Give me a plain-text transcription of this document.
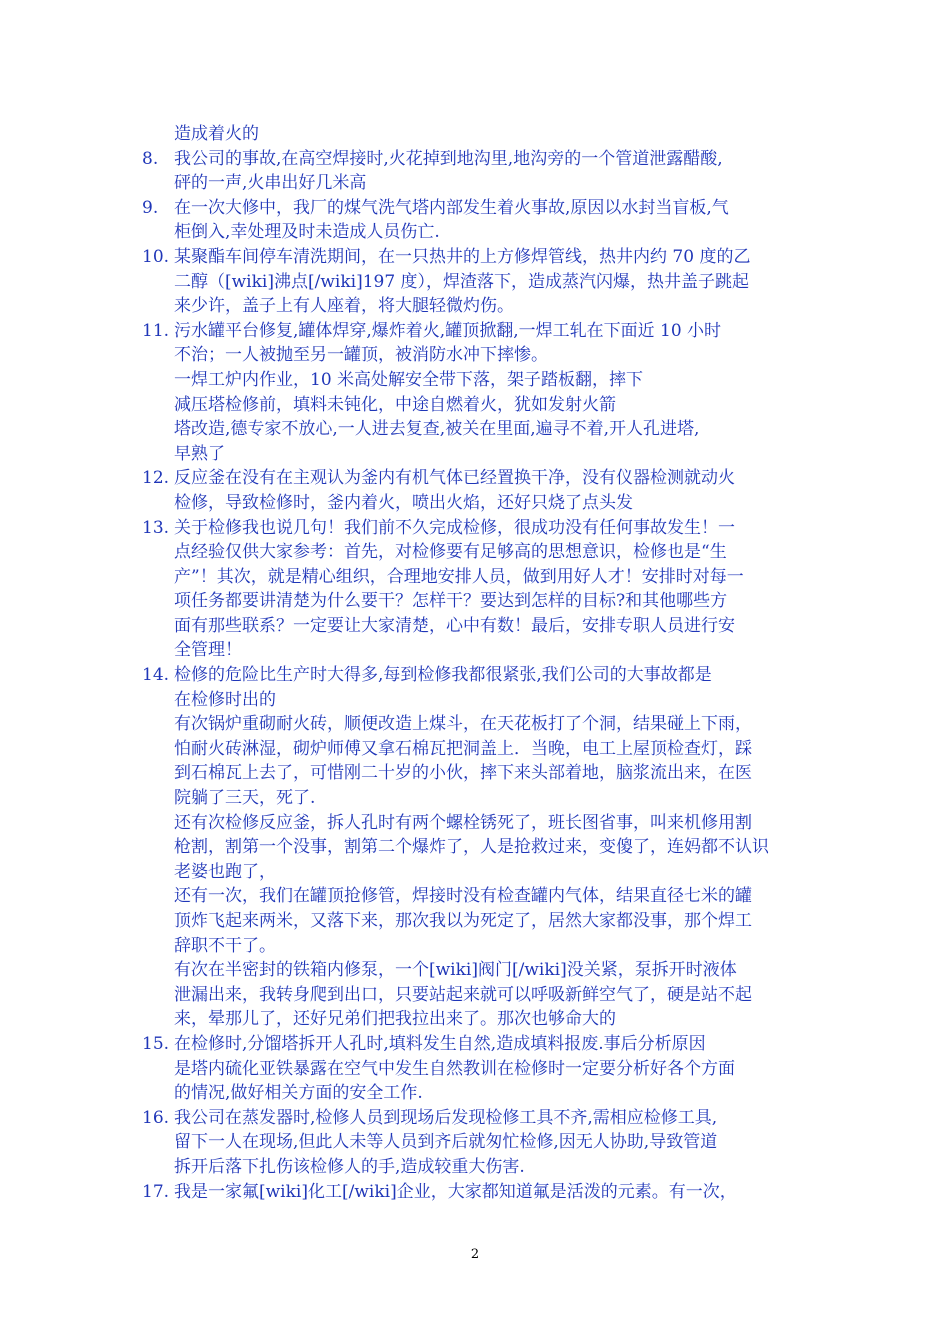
造成着火的
8. 我公司的事故,在高空焊接时,火花掉到地沟里,地沟旁的一个管道泄露醋酸,
砰的一声,火串出好几米高
9. 在一次大修中，我厂的煤气洗气塔内部发生着火事故,原因以水封当盲板,气
柜倒入,幸处理及时未造成人员伤亡.
10. 某聚酯车间停车清洗期间，在一只热井的上方修焊管线，热井内约 70 度的乙
二醇（[wiki]沸点[/wiki]197 度），焊渣落下，造成蒸汽闪爆，热井盖子跳起
来少许，盖子上有人座着，将大腿轻微灼伤。
11. 污水罐平台修复,罐体焊穿,爆炸着火,罐顶掀翻,一焊工轧在下面近 10 小时
不治；一人被抛至另一罐顶，被消防水冲下摔惨。
一焊工炉内作业，10 米高处解安全带下落，架子踏板翻，摔下
减压塔检修前，填料未钝化，中途自燃着火，犹如发射火箭
塔改造,德专家不放心,一人进去复查,被关在里面,遍寻不着,开人孔进塔,
早熟了
12. 反应釜在没有在主观认为釜内有机气体已经置换干净，没有仪器检测就动火
检修，导致检修时，釜内着火，喷出火焰，还好只烧了点头发
13. 关于检修我也说几句！我们前不久完成检修，很成功没有任何事故发生！一
点经验仅供大家参考：首先，对检修要有足够高的思想意识，检修也是“生
产”！其次，就是精心组织，合理地安排人员，做到用好人才！安排时对每一
项任务都要讲清楚为什么要干？怎样干？要达到怎样的目标?和其他哪些方
面有那些联系？一定要让大家清楚，心中有数！最后，安排专职人员进行安
全管理！
14. 检修的危险比生产时大得多,每到检修我都很紧张,我们公司的大事故都是
在检修时出的
有次锅炉重砌耐火砖，顺便改造上煤斗，在天花板打了个洞，结果碰上下雨，
怕耐火砖淋湿，砌炉师傅又拿石棉瓦把洞盖上．当晚，电工上屋顶检查灯，踩
到石棉瓦上去了，可惜刚二十岁的小伙，摔下来头部着地，脑浆流出来，在医
院躺了三天，死了.
还有次检修反应釜，拆人孔时有两个螺栓锈死了，班长图省事，叫来机修用割
枪割，割第一个没事，割第二个爆炸了，人是抢救过来，变傻了，连妈都不认识
老婆也跑了，
还有一次，我们在罐顶抢修管，焊接时没有检查罐内气体，结果直径七米的罐
顶炸飞起来两米，又落下来，那次我以为死定了，居然大家都没事，那个焊工
辞职不干了。
有次在半密封的铁箱内修泵，一个[wiki]阀门[/wiki]没关紧，泵拆开时液体
泄漏出来，我转身爬到出口，只要站起来就可以呼吸新鲜空气了，硬是站不起
来，晕那儿了，还好兄弟们把我拉出来了。那次也够命大的
15. 在检修时,分馏塔拆开人孔时,填料发生自然,造成填料报废.事后分析原因
是塔内硫化亚铁暴露在空气中发生自然教训在检修时一定要分析好各个方面
的情况,做好相关方面的安全工作.
16. 我公司在蒸发器时,检修人员到现场后发现检修工具不齐,需相应检修工具,
留下一人在现场,但此人未等人员到齐后就匆忙检修,因无人协助,导致管道
拆开后落下扎伤该检修人的手,造成较重大伤害.
17. 我是一家氟[wiki]化工[/wiki]企业，大家都知道氟是活泼的元素。有一次，
2
